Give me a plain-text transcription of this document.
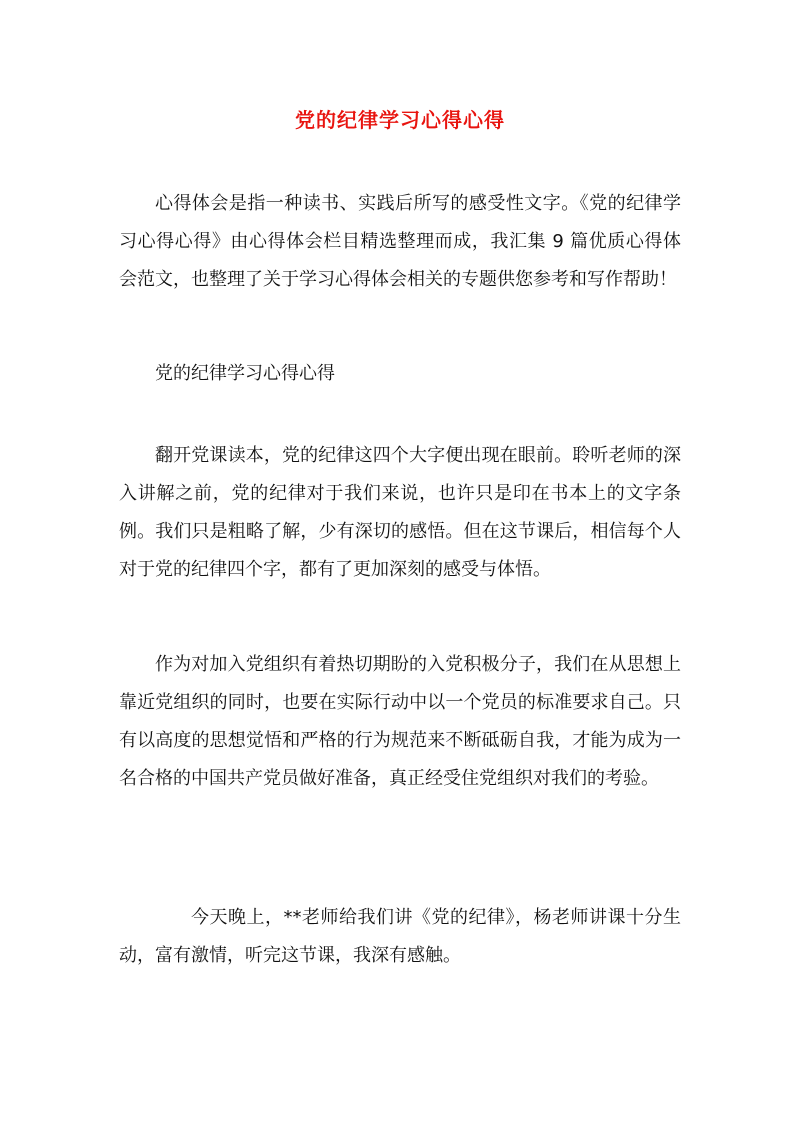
党的纪律学习心得心得

心得体会是指一种读书、实践后所写的感受性文字。《党的纪律学习心得心得》由心得体会栏目精选整理而成，我汇集 9 篇优质心得体会范文，也整理了关于学习心得体会相关的专题供您参考和写作帮助！

党的纪律学习心得心得

翻开党课读本，党的纪律这四个大字便出现在眼前。聆听老师的深入讲解之前，党的纪律对于我们来说，也许只是印在书本上的文字条例。我们只是粗略了解，少有深切的感悟。但在这节课后，相信每个人对于党的纪律四个字，都有了更加深刻的感受与体悟。

作为对加入党组织有着热切期盼的入党积极分子，我们在从思想上靠近党组织的同时，也要在实际行动中以一个党员的标准要求自己。只有以高度的思想觉悟和严格的行为规范来不断砥砺自我，才能为成为一名合格的中国共产党员做好准备，真正经受住党组织对我们的考验。

今天晚上，**老师给我们讲《党的纪律》，杨老师讲课十分生动，富有激情，听完这节课，我深有感触。
